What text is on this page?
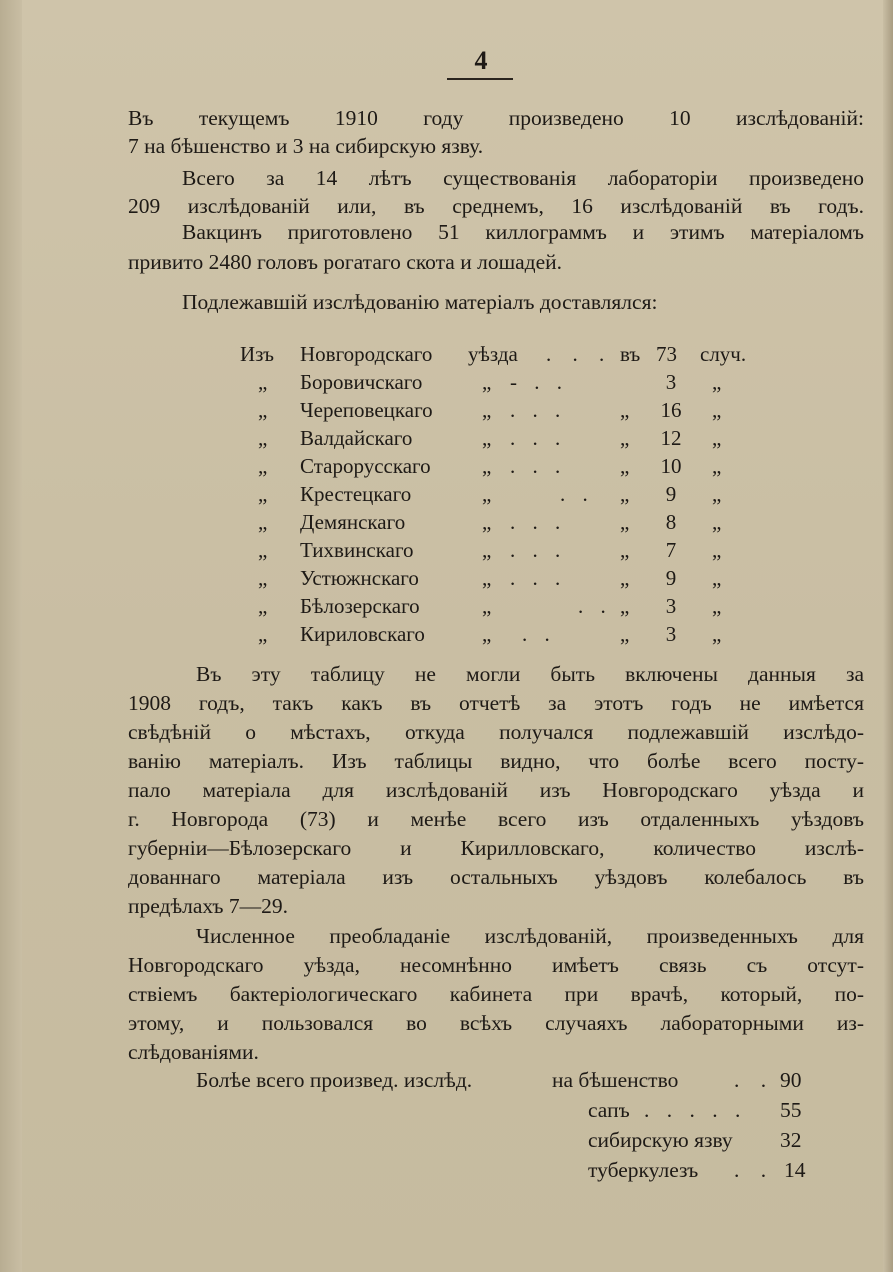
4

Въ текущемъ 1910 году произведено 10 изслѣдованій:

7 на бѣшенство и 3 на сибирскую язву.

Всего за 14 лѣтъ существованія лабораторіи произведено

209 изслѣдованій или, въ среднемъ, 16 изслѣдованій въ годъ.

Вакцинъ приготовлено 51 киллограммъ и этимъ матеріаломъ

привито 2480 головъ рогатаго скота и лошадей.

Подлежавшій изслѣдованію матеріалъ доставлялся:
Изъ Новгородскаго уѣзда . . . въ 73 случ.
„ Боровичскаго	„ - . .	3	„
„ Череповецкаго „ . . .	„	16	„
„ Валдайскаго	„ . . .	„	12	„
„ Старорусскаго „ . . .	„	10	„
„ Крестецкаго	„	. . „	9	„
„ Демянскаго	„ . . .	„	8	„
„ Тихвинскаго	„ . . .	„	7	„
„ Устюжнскаго	„ . . .	„	9	„
„ Бѣлозерскаго	„	. . „	3	„
„ Кириловскаго	„ . .	„	3	„

Въ эту таблицу не могли быть включены данныя за

1908 годъ, такъ какъ въ отчетѣ за этотъ годъ не имѣется

свѣдѣній о мѣстахъ, откуда получался подлежавшій изслѣдо-

ванію матеріалъ. Изъ таблицы видно, что болѣе всего посту-

пало матеріала для изслѣдованій изъ Новгородскаго уѣзда и

г. Новгорода (73) и менѣе всего изъ отдаленныхъ уѣздовъ

губерніи—Бѣлозерскаго и Кирилловскаго, количество изслѣ-

дованнаго матеріала изъ остальныхъ уѣздовъ колебалось въ

предѣлахъ 7—29.

Численное преобладаніе изслѣдованій, произведенныхъ для

Новгородскаго уѣзда, несомнѣнно имѣетъ связь съ отсут-

ствіемъ бактеріологическаго кабинета при врачѣ, который, по-

этому, и пользовался во всѣхъ случаяхъ лабораторными из-

слѣдованіями.

Болѣе всего произвед. изслѣд.	на бѣшенство	. . 90
сапъ . . . . . 55
сибирскую язву 32
туберкулезъ . . 14
